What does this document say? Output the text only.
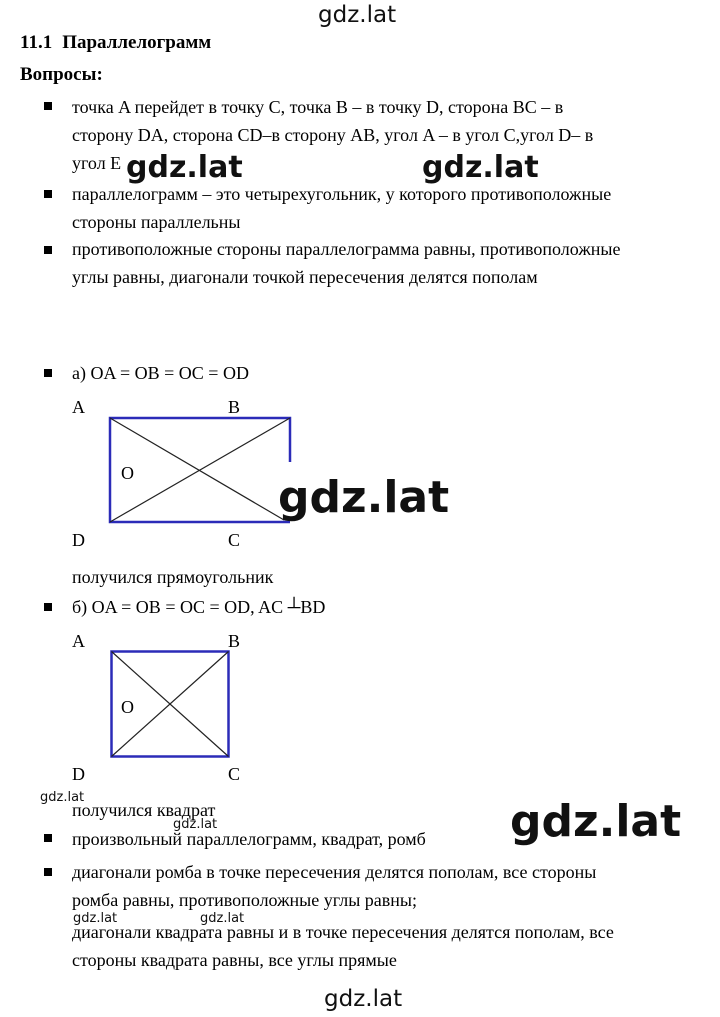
gdz.lat
11.1 Параллелограмм
Вопросы:
точка A перейдет в точку C, точка B – в точку D, сторона BC – в
сторону DA, сторона CD–в сторону AB, угол A – в угол C,угол D– в
угол E
параллелограмм – это четырехугольник, у которого противоположные
стороны параллельны
противоположные стороны параллелограмма равны, противоположные
углы равны, диагонали точкой пересечения делятся пополам
а) OA = OB = OC = OD
A	B
O
D	C
получился прямоугольник
б) OA = OB = OC = OD, AC ┴BD
A	B
O
D	C
получился квадрат
произвольный параллелограмм, квадрат, ромб
диагонали ромба в точке пересечения делятся пополам, все стороны
ромба равны, противоположные углы равны;
диагонали квадрата равны и в точке пересечения делятся пополам, все
стороны квадрата равны, все углы прямые
gdz.lat	gdz.lat
gdz.lat
gdz.lat
gdz.lat
gdz.lat
gdz.lat	gdz.lat
gdz.lat
